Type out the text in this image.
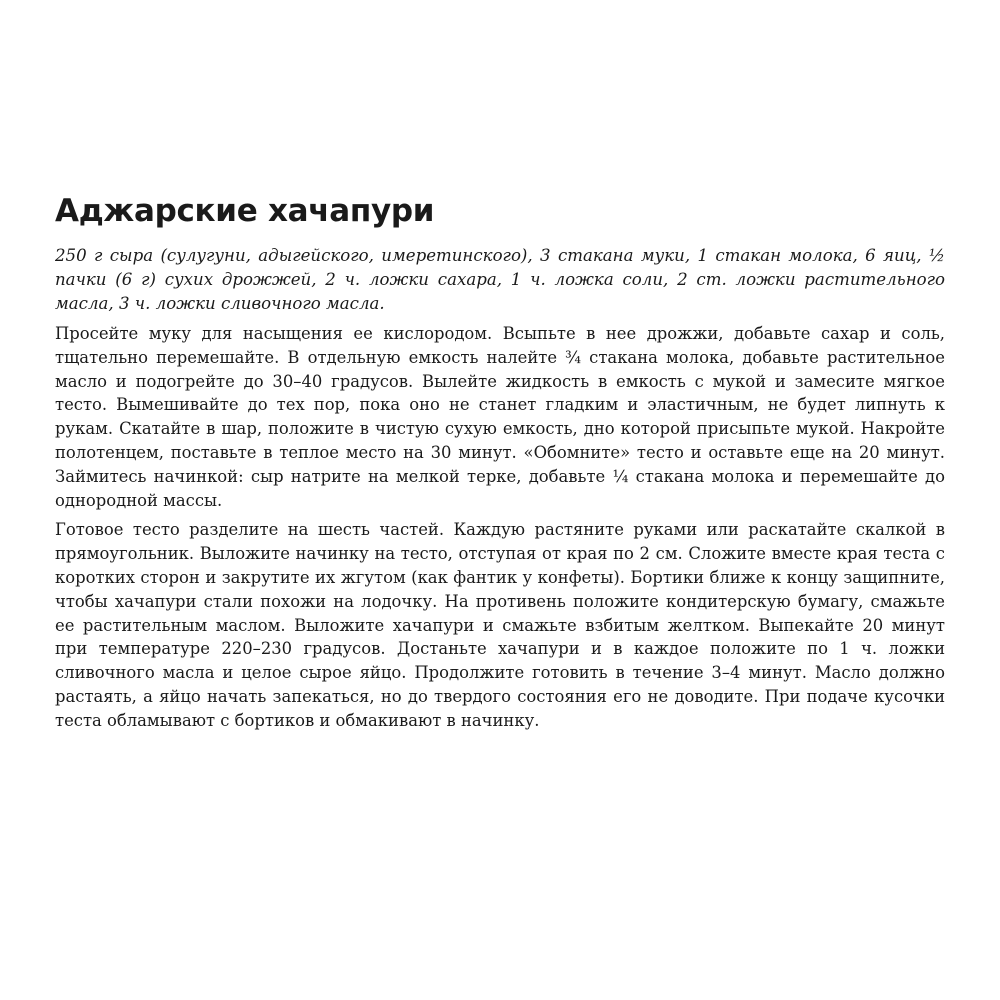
Аджарские хачапури

250 г сыра (сулугуни, адыгейского, имеретинского), 3 стакана муки, 1 стакан молока, 6 яиц, ½ пачки (6 г) сухих дрожжей, 2 ч. ложки сахара, 1 ч. ложка соли, 2 ст. ложки растительного масла, 3 ч. ложки сливочного масла.

Просейте муку для насыщения ее кислородом. Всыпьте в нее дрожжи, добавьте сахар и соль, тщательно перемешайте. В отдельную емкость налейте ¾ стакана молока, добавьте растительное масло и подогрейте до 30–40 градусов. Вылейте жидкость в емкость с мукой и замесите мягкое тесто. Вымешивайте до тех пор, пока оно не станет гладким и эластичным, не будет липнуть к рукам. Скатайте в шар, положите в чистую сухую емкость, дно которой присыпьте мукой. Накройте полотенцем, поставьте в теплое место на 30 минут. «Обомните» тесто и оставьте еще на 20 минут. Займитесь начинкой: сыр натрите на мелкой терке, добавьте ¼ стакана молока и перемешайте до однородной массы.

Готовое тесто разделите на шесть частей. Каждую растяните руками или раскатайте скалкой в прямоугольник. Выложите начинку на тесто, отступая от края по 2 см. Сложите вместе края теста с коротких сторон и закрутите их жгутом (как фантик у конфеты). Бортики ближе к концу защипните, чтобы хачапури стали похожи на лодочку. На противень положите кондитерскую бумагу, смажьте ее растительным маслом. Выложите хачапури и смажьте взбитым желтком. Выпекайте 20 минут при температуре 220–230 градусов. Достаньте хачапури и в каждое положите по 1 ч. ложки сливочного масла и целое сырое яйцо. Продолжите готовить в течение 3–4 минут. Масло должно растаять, а яйцо начать запекаться, но до твердого состояния его не доводите. При подаче кусочки теста обламывают с бортиков и обмакивают в начинку.
